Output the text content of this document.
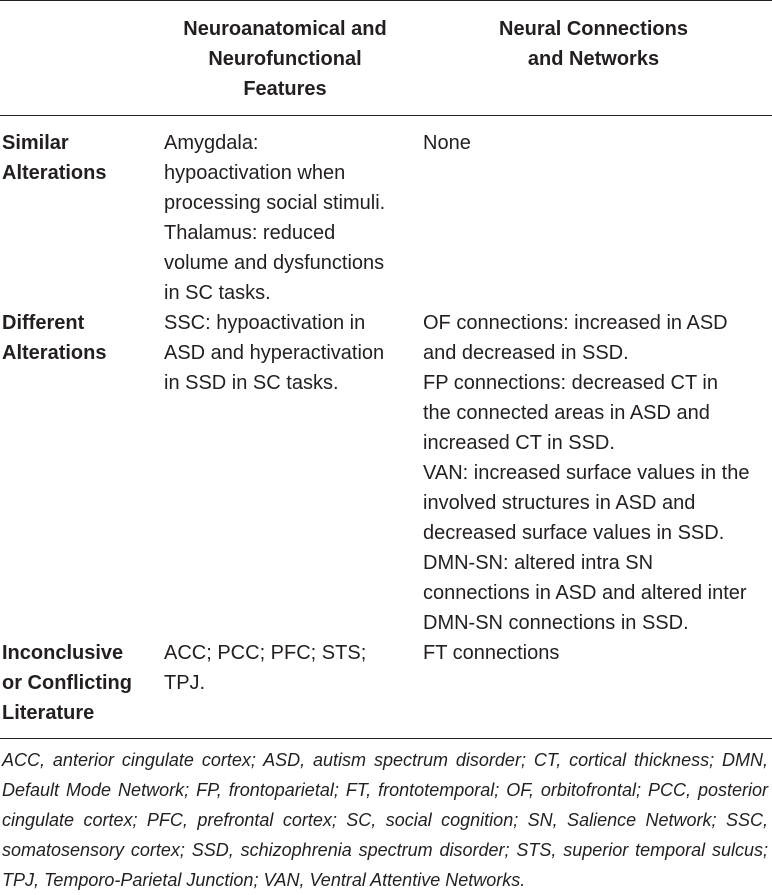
Neuroanatomical and
Neurofunctional
Features
Neural Connections
and Networks
Similar
Alterations
Amygdala:
hypoactivation when
processing social stimuli.
Thalamus: reduced
volume and dysfunctions
in SC tasks.
None
Different
Alterations
SSC: hypoactivation in
ASD and hyperactivation
in SSD in SC tasks.
OF connections: increased in ASD
and decreased in SSD.
FP connections: decreased CT in
the connected areas in ASD and
increased CT in SSD.
VAN: increased surface values in the
involved structures in ASD and
decreased surface values in SSD.
DMN-SN: altered intra SN
connections in ASD and altered inter
DMN-SN connections in SSD.
Inconclusive
or Conflicting
Literature
ACC; PCC; PFC; STS;
TPJ.
FT connections
ACC, anterior cingulate cortex; ASD, autism spectrum disorder; CT, cortical thickness; DMN, Default Mode Network; FP, frontoparietal; FT, frontotemporal; OF, orbitofrontal; PCC, posterior cingulate cortex; PFC, prefrontal cortex; SC, social cognition; SN, Salience Network; SSC, somatosensory cortex; SSD, schizophrenia spectrum disorder; STS, superior temporal sulcus; TPJ, Temporo-Parietal Junction; VAN, Ventral Attentive Networks.
